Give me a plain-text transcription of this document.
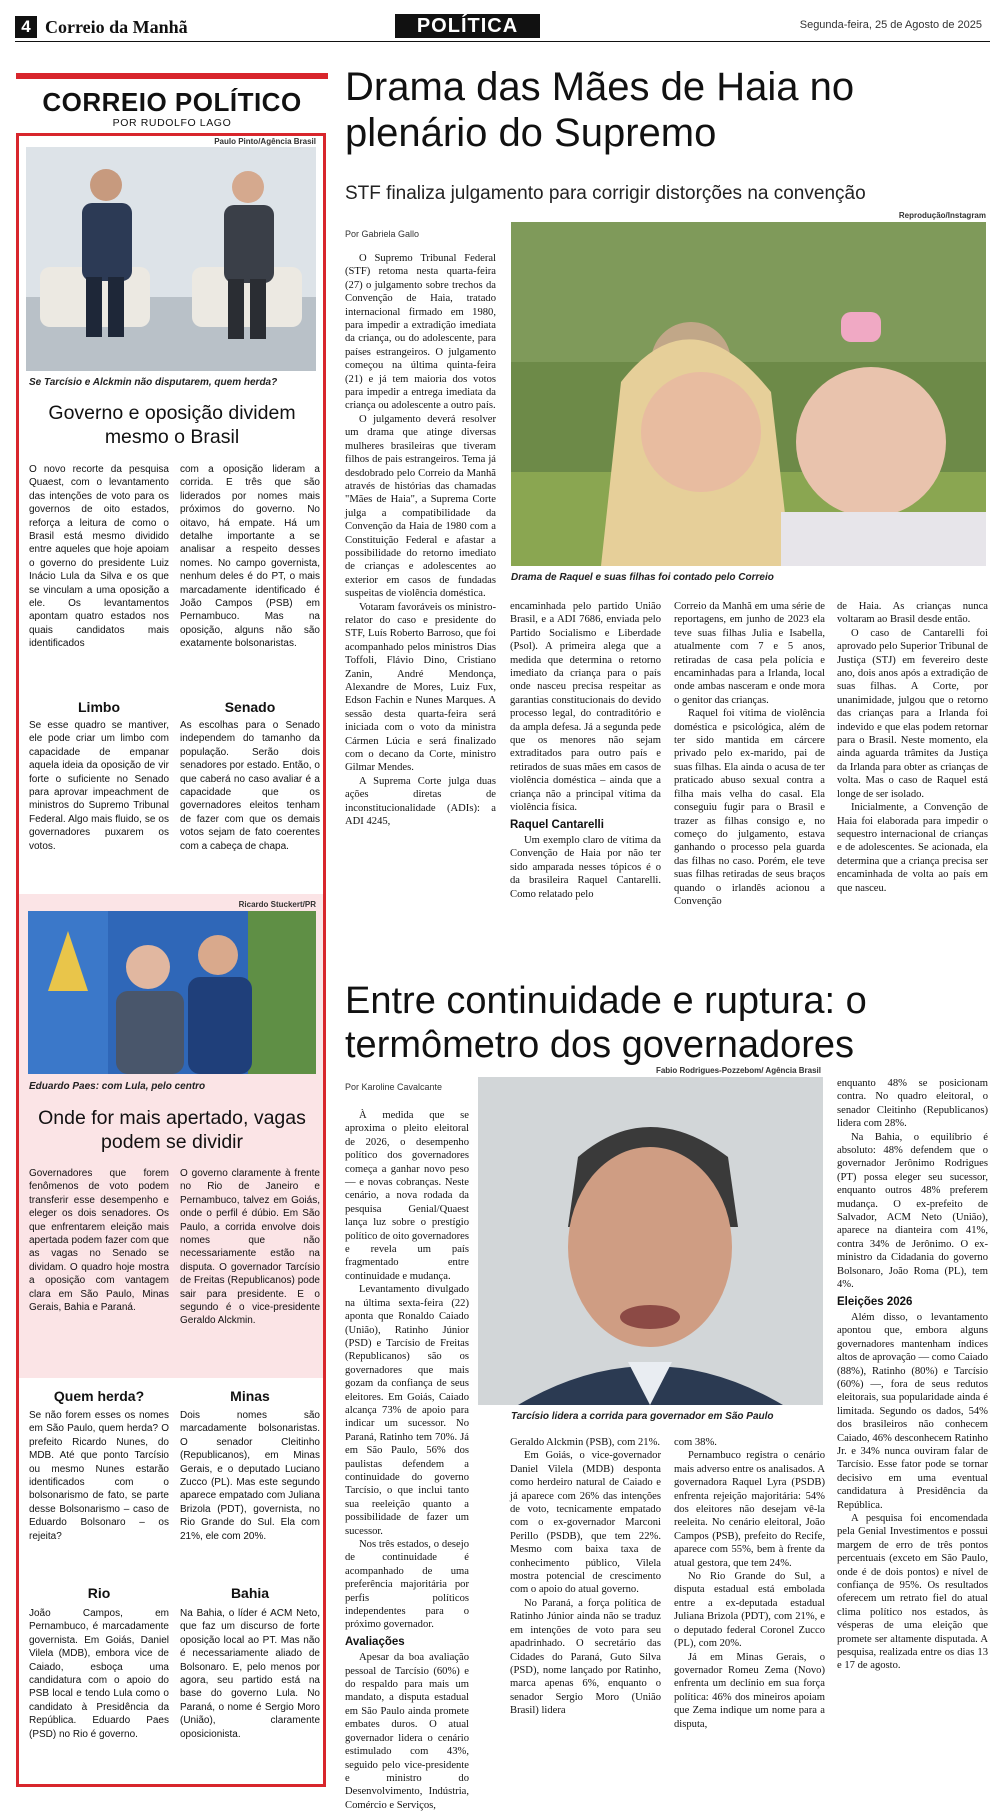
4 Correio da Manhã	POLÍTICA	Segunda-feira, 25 de Agosto de 2025
CORREIO POLÍTICO
POR RUDOLFO LAGO
Paulo Pinto/Agência Brasil
Se Tarcísio e Alckmin não disputarem, quem herda?
Governo e oposição dividem mesmo o Brasil
O novo recorte da pesquisa Quaest, com o levantamento das intenções de voto para os governos de oito estados, reforça a leitura de como o Brasil está mesmo dividido entre aqueles que hoje apoiam o governo do presidente Luiz Inácio Lula da Silva e os que se vinculam a uma oposição a ele. Os levantamentos apontam quatro estados nos quais candidatos mais identificados
com a oposição lideram a corrida. E três que são liderados por nomes mais próximos do governo. No oitavo, há empate. Há um detalhe importante a se analisar a respeito desses nomes. No campo governista, nenhum deles é do PT, o mais marcadamente identificado é João Campos (PSB) em Pernambuco. Mas na oposição, alguns não são exatamente bolsonaristas.
Limbo
Se esse quadro se mantiver, ele pode criar um limbo com capacidade de empanar aquela ideia da oposição de vir forte o suficiente no Senado para aprovar impeachment de ministros do Supremo Tribunal Federal. Algo mais fluido, se os governadores puxarem os votos.
Senado
As escolhas para o Senado independem do tamanho da população. Serão dois senadores por estado. Então, o que caberá no caso avaliar é a capacidade que os governadores eleitos tenham de fazer com que os demais votos sejam de fato coerentes com a cabeça de chapa.
Ricardo Stuckert/PR
Eduardo Paes: com Lula, pelo centro
Onde for mais apertado, vagas podem se dividir
Governadores que forem fenômenos de voto podem transferir esse desempenho e eleger os dois senadores. Os que enfrentarem eleição mais apertada podem fazer com que as vagas no Senado se dividam. O quadro hoje mostra a oposição com vantagem clara em São Paulo, Minas Gerais, Bahia e Paraná.
O governo claramente à frente no Rio de Janeiro e Pernambuco, talvez em Goiás, onde o perfil é dúbio. Em São Paulo, a corrida envolve dois nomes que não necessariamente estão na disputa. O governador Tarcísio de Freitas (Republicanos) pode sair para presidente. E o segundo é o vice-presidente Geraldo Alckmin.
Quem herda?
Se não forem esses os nomes em São Paulo, quem herda? O prefeito Ricardo Nunes, do MDB. Até que ponto Tarcísio ou mesmo Nunes estarão identificados com o bolsonarismo de fato, se parte desse Bolsonarismo – caso de Eduardo Bolsonaro – os rejeita?
Minas
Dois nomes são marcadamente bolsonaristas. O senador Cleitinho (Republicanos), em Minas Gerais, e o deputado Luciano Zucco (PL). Mas este segundo aparece empatado com Juliana Brizola (PDT), governista, no Rio Grande do Sul. Ela com 21%, ele com 20%.
Rio
João Campos, em Pernambuco, é marcadamente governista. Em Goiás, Daniel Vilela (MDB), embora vice de Caiado, esboça uma candidatura com o apoio do PSB local e tendo Lula como o candidato à Presidência da República. Eduardo Paes (PSD) no Rio é governo.
Bahia
Na Bahia, o líder é ACM Neto, que faz um discurso de forte oposição local ao PT. Mas não é necessariamente aliado de Bolsonaro. E, pelo menos por agora, seu partido está na base do governo Lula. No Paraná, o nome é Sergio Moro (União), claramente oposicionista.
Drama das Mães de Haia no plenário do Supremo
STF finaliza julgamento para corrigir distorções na convenção
Reprodução/Instagram
Por Gabriela Gallo
Drama de Raquel e suas filhas foi contado pelo Correio

O Supremo Tribunal Federal (STF) retoma nesta quarta-feira (27) o julgamento sobre trechos da Convenção de Haia, tratado internacional firmado em 1980, para impedir a extradição imediata da criança, ou do adolescente, para países estrangeiros. O julgamento começou na última quinta-feira (21) e já tem maioria dos votos para impedir a entrega imediata da criança ou adolescente a outro país.

O julgamento deverá resolver um drama que atinge diversas mulheres brasileiras que tiveram filhos de pais estrangeiros. Tema já desdobrado pelo Correio da Manhã através de histórias das chamadas "Mães de Haia", a Suprema Corte julga a compatibilidade da Convenção da Haia de 1980 com a Constituição Federal e afastar a possibilidade do retorno imediato de crianças e adolescentes ao exterior em casos de fundadas suspeitas de violência doméstica.

Votaram favoráveis os ministro-relator do caso e presidente do STF, Luís Roberto Barroso, que foi acompanhado pelos ministros Dias Toffoli, Flávio Dino, Cristiano Zanin, André Mendonça, Alexandre de Mores, Luiz Fux, Edson Fachin e Nunes Marques. A sessão desta quarta-feira será iniciada com o voto da ministra Cármen Lúcia e será finalizado com o decano da Corte, ministro Gilmar Mendes.

A Suprema Corte julga duas ações diretas de inconstitucionalidade (ADIs): a ADI 4245,

encaminhada pelo partido União Brasil, e a ADI 7686, enviada pelo Partido Socialismo e Liberdade (Psol). A primeira alega que a medida que determina o retorno imediato da criança para o país onde nasceu precisa respeitar as garantias constitucionais do devido processo legal, do contraditório e da ampla defesa. Já a segunda pede que os menores não sejam extraditados para outro país e retirados de suas mães em casos de violência doméstica – ainda que a criança não a principal vítima da violência física.

Raquel Cantarelli

Um exemplo claro de vítima da Convenção de Haia por não ter sido amparada nesses tópicos é o da brasileira Raquel Cantarelli. Como relatado pelo

Correio da Manhã em uma série de reportagens, em junho de 2023 ela teve suas filhas Julia e Isabella, atualmente com 7 e 5 anos, retiradas de casa pela polícia e encaminhadas para a Irlanda, local onde ambas nasceram e onde mora o genitor das crianças.

Raquel foi vítima de violência doméstica e psicológica, além de ter sido mantida em cárcere privado pelo ex-marido, pai de suas filhas. Ela ainda o acusa de ter praticado abuso sexual contra a filha mais velha do casal. Ela conseguiu fugir para o Brasil e trazer as filhas consigo e, no começo do julgamento, estava ganhando o processo pela guarda das filhas no caso. Porém, ele teve suas filhas retiradas de seus braços quando o irlandês acionou a Convenção

de Haia. As crianças nunca voltaram ao Brasil desde então.

O caso de Cantarelli foi aprovado pelo Superior Tribunal de Justiça (STJ) em fevereiro deste ano, dois anos após a extradição de suas filhas. A Corte, por unanimidade, julgou que o retorno das crianças para a Irlanda foi indevido e que elas podem retornar para o Brasil. Neste momento, ela ainda aguarda trâmites da Justiça da Irlanda para obter as crianças de volta. Mas o caso de Raquel está longe de ser isolado.

Inicialmente, a Convenção de Haia foi elaborada para impedir o sequestro internacional de crianças e de adolescentes. Se acionada, ela determina que a criança precisa ser encaminhada de volta ao país em que nasceu.

Entre continuidade e ruptura: o termômetro dos governadores
Fabio Rodrigues-Pozzebom/ Agência Brasil
Por Karoline Cavalcante
Tarcísio lidera a corrida para governador em São Paulo

À medida que se aproxima o pleito eleitoral de 2026, o desempenho político dos governadores começa a ganhar novo peso — e novas cobranças. Neste cenário, a nova rodada da pesquisa Genial/Quaest lança luz sobre o prestígio político de oito governadores e revela um país fragmentado entre continuidade e mudança.

Levantamento divulgado na última sexta-feira (22) aponta que Ronaldo Caiado (União), Ratinho Júnior (PSD) e Tarcísio de Freitas (Republicanos) são os governadores que mais gozam da confiança de seus eleitores. Em Goiás, Caiado alcança 73% de apoio para indicar um sucessor. No Paraná, Ratinho tem 70%. Já em São Paulo, 56% dos paulistas defendem a continuidade do governo Tarcísio, o que inclui tanto sua reeleição quanto a possibilidade de fazer um sucessor.

Nos três estados, o desejo de continuidade é acompanhado de uma preferência majoritária por perfis políticos independentes para o próximo governador.

Avaliações

Apesar da boa avaliação pessoal de Tarcísio (60%) e do respaldo para mais um mandato, a disputa estadual em São Paulo ainda promete embates duros. O atual governador lidera o cenário estimulado com 43%, seguido pelo vice-presidente e ministro do Desenvolvimento, Indústria, Comércio e Serviços,

Geraldo Alckmin (PSB), com 21%.

Em Goiás, o vice-governador Daniel Vilela (MDB) desponta como herdeiro natural de Caiado e já aparece com 26% das intenções de voto, tecnicamente empatado com o ex-governador Marconi Perillo (PSDB), que tem 22%. Mesmo com baixa taxa de conhecimento público, Vilela mostra potencial de crescimento com o apoio do atual governo.

No Paraná, a força política de Ratinho Júnior ainda não se traduz em intenções de voto para seu apadrinhado. O secretário das Cidades do Paraná, Guto Silva (PSD), nome lançado por Ratinho, marca apenas 6%, enquanto o senador Sergio Moro (União Brasil) lidera

com 38%.

Pernambuco registra o cenário mais adverso entre os analisados. A governadora Raquel Lyra (PSDB) enfrenta rejeição majoritária: 54% dos eleitores não desejam vê-la reeleita. No cenário eleitoral, João Campos (PSB), prefeito do Recife, aparece com 55%, bem à frente da atual gestora, que tem 24%.

No Rio Grande do Sul, a disputa estadual está embolada entre a ex-deputada estadual Juliana Brizola (PDT), com 21%, e o deputado federal Coronel Zucco (PL), com 20%.

Já em Minas Gerais, o governador Romeu Zema (Novo) enfrenta um declínio em sua força política: 46% dos mineiros apoiam que Zema indique um nome para a disputa,

enquanto 48% se posicionam contra. No quadro eleitoral, o senador Cleitinho (Republicanos) lidera com 28%.

Na Bahia, o equilíbrio é absoluto: 48% defendem que o governador Jerônimo Rodrigues (PT) possa eleger seu sucessor, enquanto outros 48% preferem mudança. O ex-prefeito de Salvador, ACM Neto (União), aparece na dianteira com 41%, contra 34% de Jerônimo. O ex-ministro da Cidadania do governo Bolsonaro, João Roma (PL), tem 4%.

Eleições 2026

Além disso, o levantamento apontou que, embora alguns governadores mantenham índices altos de aprovação — como Caiado (88%), Ratinho (80%) e Tarcísio (60%) —, fora de seus redutos eleitorais, sua popularidade ainda é limitada. Segundo os dados, 54% dos brasileiros não conhecem Caiado, 46% desconhecem Ratinho Jr. e 34% nunca ouviram falar de Tarcísio. Esse fator pode se tornar decisivo em uma eventual candidatura à Presidência da República.

A pesquisa foi encomendada pela Genial Investimentos e possui margem de erro de três pontos percentuais (exceto em São Paulo, onde é de dois pontos) e nível de confiança de 95%. Os resultados oferecem um retrato fiel do atual clima político nos estados, às vésperas de uma eleição que promete ser altamente disputada. A pesquisa, realizada entre os dias 13 e 17 de agosto.
